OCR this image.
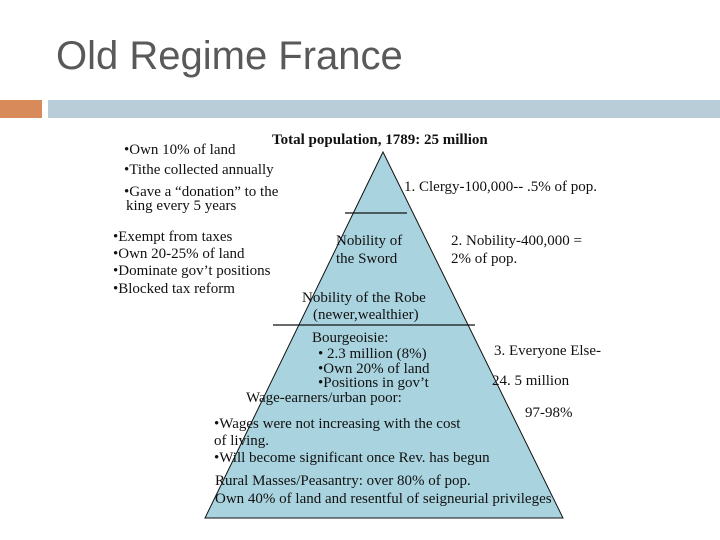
Old Regime France
Total population, 1789: 25 million
•Own 10% of land
•Tithe collected annually
•Gave a “donation” to the
king every 5 years
1. Clergy-100,000-- .5% of pop.
•Exempt from taxes
•Own 20-25% of land
•Dominate gov’t positions
•Blocked tax reform
Nobility of
the Sword
2. Nobility-400,000 =
2% of pop.
Nobility of the Robe
(newer,wealthier)
Bourgeoisie:
• 2.3 million (8%)
•Own 20% of land
•Positions in gov’t
3. Everyone Else-
24. 5 million
97-98%
Wage-earners/urban poor:
•Wages were not increasing with the cost
of living.
•Will become significant once Rev. has begun
Rural Masses/Peasantry: over 80% of pop.
Own 40% of land and resentful of seigneurial privileges
